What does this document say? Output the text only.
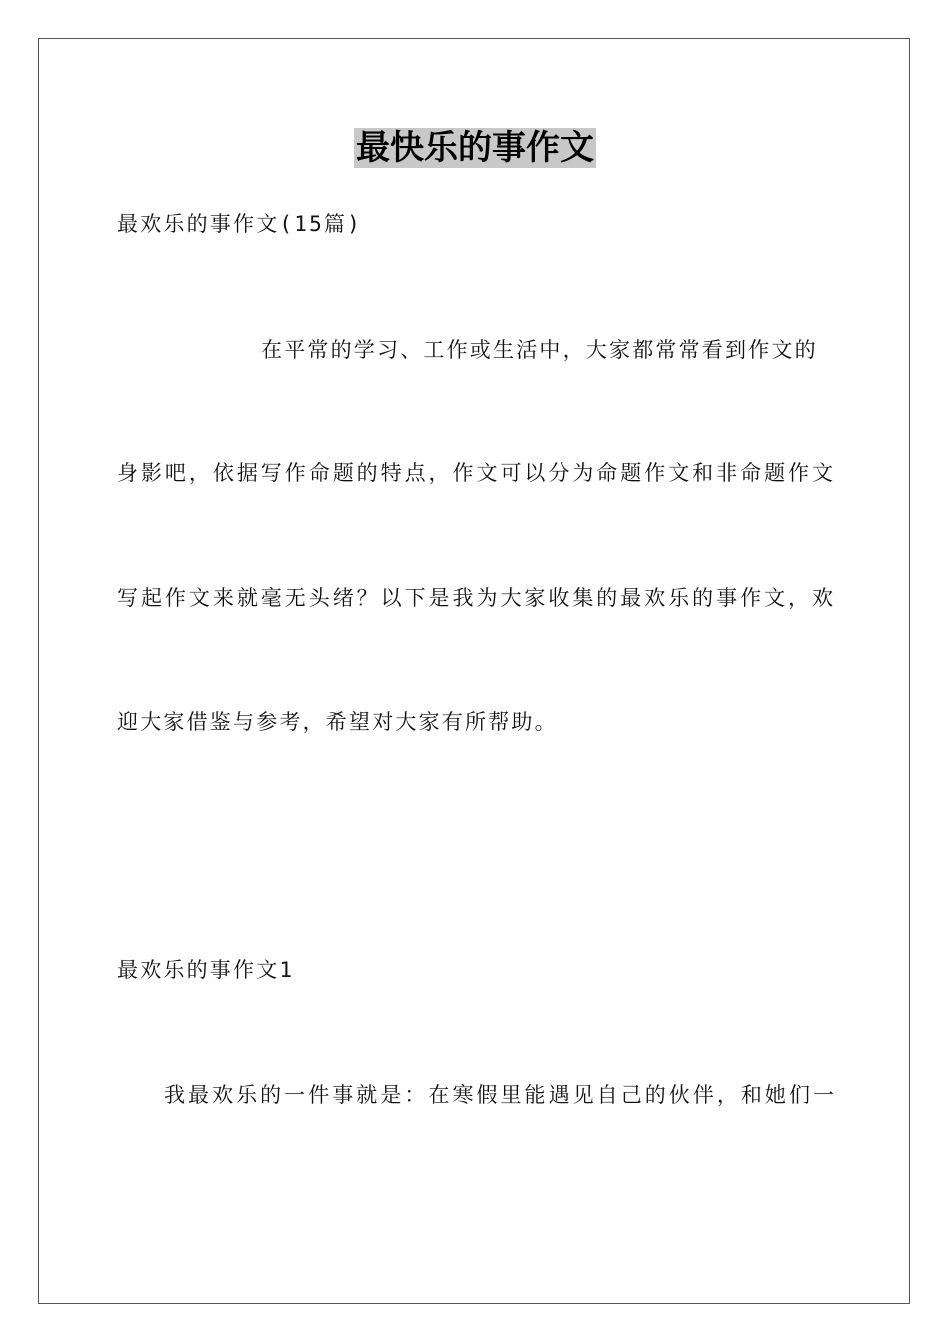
最快乐的事作文
最欢乐的事作文(15篇)
在平常的学习、工作或生活中，大家都常常看到作文的
身影吧，依据写作命题的特点，作文可以分为命题作文和非命题作文
写起作文来就毫无头绪？以下是我为大家收集的最欢乐的事作文，欢
迎大家借鉴与参考，希望对大家有所帮助。
最欢乐的事作文1
我最欢乐的一件事就是：在寒假里能遇见自己的伙伴，和她们一
